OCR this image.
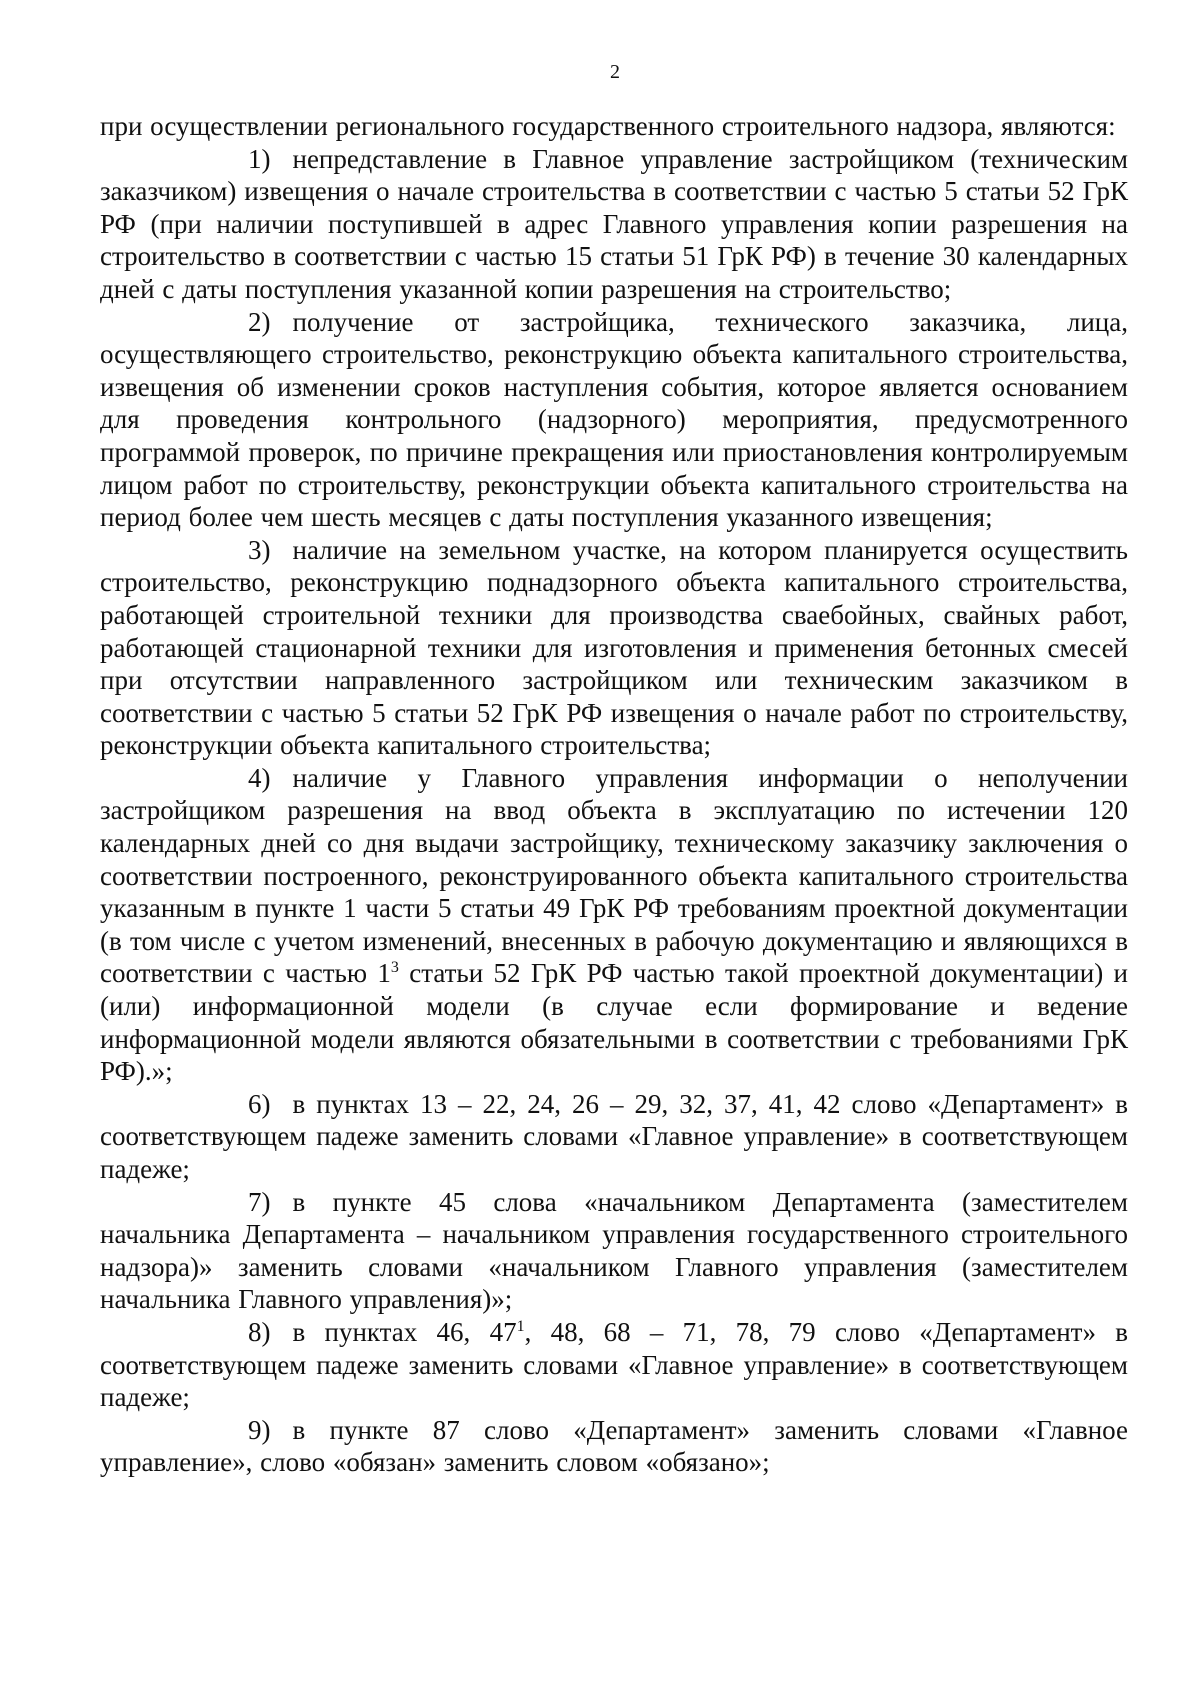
2

при осуществлении регионального государственного строительного надзора, являются:

1) непредставление в Главное управление застройщиком (техническим заказчиком) извещения о начале строительства в соответствии с частью 5 статьи 52 ГрК РФ (при наличии поступившей в адрес Главного управления копии разрешения на строительство в соответствии с частью 15 статьи 51 ГрК РФ) в течение 30 календарных дней с даты поступления указанной копии разрешения на строительство;

2) получение от застройщика, технического заказчика, лица, осуществляющего строительство, реконструкцию объекта капитального строительства, извещения об изменении сроков наступления события, которое является основанием для проведения контрольного (надзорного) мероприятия, предусмотренного программой проверок, по причине прекращения или приостановления контролируемым лицом работ по строительству, реконструкции объекта капитального строительства на период более чем шесть месяцев с даты поступления указанного извещения;

3) наличие на земельном участке, на котором планируется осуществить строительство, реконструкцию поднадзорного объекта капитального строительства, работающей строительной техники для производства сваебойных, свайных работ, работающей стационарной техники для изготовления и применения бетонных смесей при отсутствии направленного застройщиком или техническим заказчиком в соответствии с частью 5 статьи 52 ГрК РФ извещения о начале работ по строительству, реконструкции объекта капитального строительства;

4) наличие у Главного управления информации о неполучении застройщиком разрешения на ввод объекта в эксплуатацию по истечении 120 календарных дней со дня выдачи застройщику, техническому заказчику заключения о соответствии построенного, реконструированного объекта капитального строительства указанным в пункте 1 части 5 статьи 49 ГрК РФ требованиям проектной документации (в том числе с учетом изменений, внесенных в рабочую документацию и являющихся в соответствии с частью $1^3$ статьи 52 ГрК РФ частью такой проектной документации) и (или) информационной модели (в случае если формирование и ведение информационной модели являются обязательными в соответствии с требованиями ГрК РФ).»;

6) в пунктах 13 – 22, 24, 26 – 29, 32, 37, 41, 42 слово «Департамент» в соответствующем падеже заменить словами «Главное управление» в соответствующем падеже;

7) в пункте 45 слова «начальником Департамента (заместителем начальника Департамента – начальником управления государственного строительного надзора)» заменить словами «начальником Главного управления (заместителем начальника Главного управления)»;

8) в пунктах 46, $47^1$, 48, 68 – 71, 78, 79 слово «Департамент» в соответствующем падеже заменить словами «Главное управление» в соответствующем падеже;

9) в пункте 87 слово «Департамент» заменить словами «Главное управление», слово «обязан» заменить словом «обязано»;
